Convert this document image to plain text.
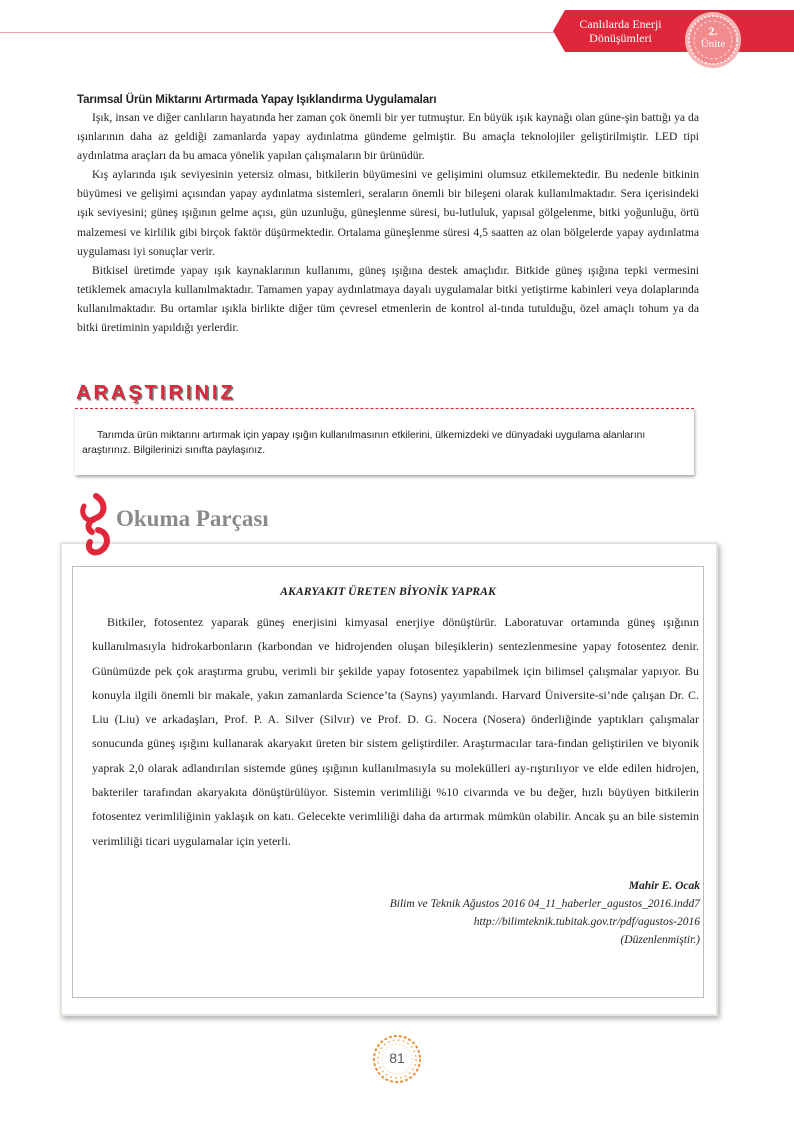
Canlılarda Enerji
Dönüşümleri	2.
Ünite
Tarımsal Ürün Miktarını Artırmada Yapay Işıklandırma Uygulamaları

Işık, insan ve diğer canlıların hayatında her zaman çok önemli bir yer tutmuştur. En büyük ışık kaynağı olan güne-şin battığı ya da ışınlarının daha az geldiği zamanlarda yapay aydınlatma gündeme gelmiştir. Bu amaçla teknolojiler geliştirilmiştir. LED tipi aydınlatma araçları da bu amaca yönelik yapılan çalışmaların bir ürünüdür.

Kış aylarında ışık seviyesinin yetersiz olması, bitkilerin büyümesini ve gelişimini olumsuz etkilemektedir. Bu nedenle bitkinin büyümesi ve gelişimi açısından yapay aydınlatma sistemleri, seraların önemli bir bileşeni olarak kullanılmaktadır. Sera içerisindeki ışık seviyesini; güneş ışığının gelme açısı, gün uzunluğu, güneşlenme süresi, bu-lutluluk, yapısal gölgelenme, bitki yoğunluğu, örtü malzemesi ve kirlilik gibi birçok faktör düşürmektedir. Ortalama güneşlenme süresi 4,5 saatten az olan bölgelerde yapay aydınlatma uygulaması iyi sonuçlar verir.

Bitkisel üretimde yapay ışık kaynaklarının kullanımı, güneş ışığına destek amaçlıdır. Bitkide güneş ışığına tepki vermesini tetiklemek amacıyla kullanılmaktadır. Tamamen yapay aydınlatmaya dayalı uygulamalar bitki yetiştirme kabinleri veya dolaplarında kullanılmaktadır. Bu ortamlar ışıkla birlikte diğer tüm çevresel etmenlerin de kontrol al-tında tutulduğu, özel amaçlı tohum ya da bitki üretiminin yapıldığı yerlerdir.

ARAŞTIRINIZ
Tarımda ürün miktarını artırmak için yapay ışığın kullanılmasının etkilerini, ülkemizdeki ve dünyadaki uygulama alanlarını araştırınız. Bilgilerinizi sınıfta paylaşınız.
Okuma Parçası
AKARYAKIT ÜRETEN BİYONİK YAPRAK

Bitkiler, fotosentez yaparak güneş enerjisini kimyasal enerjiye dönüştürür. Laboratuvar ortamında güneş ışığının kullanılmasıyla hidrokarbonların (karbondan ve hidrojenden oluşan bileşiklerin) sentezlenmesine yapay fotosentez denir. Günümüzde pek çok araştırma grubu, verimli bir şekilde yapay fotosentez yapabilmek için bilimsel çalışmalar yapıyor. Bu konuyla ilgili önemli bir makale, yakın zamanlarda Science’ta (Sayns) yayımlandı. Harvard Üniversite-si’nde çalışan Dr. C. Liu (Liu) ve arkadaşları, Prof. P. A. Silver (Silvır) ve Prof. D. G. Nocera (Nosera) önderliğinde yaptıkları çalışmalar sonucunda güneş ışığını kullanarak akaryakıt üreten bir sistem geliştirdiler. Araştırmacılar tara-fından geliştirilen ve biyonik yaprak 2,0 olarak adlandırılan sistemde güneş ışığının kullanılmasıyla su molekülleri ay-rıştırılıyor ve elde edilen hidrojen, bakteriler tarafından akaryakıta dönüştürülüyor. Sistemin verimliliği %10 civarında ve bu değer, hızlı büyüyen bitkilerin fotosentez verimliliğinin yaklaşık on katı. Gelecekte verimliliği daha da artırmak mümkün olabilir. Ancak şu an bile sistemin verimliliği ticari uygulamalar için yeterli.

Mahir E. Ocak
Bilim ve Teknik Ağustos 2016 04_11_haberler_agustos_2016.indd7
http://bilimteknik.tubitak.gov.tr/pdf/agustos-2016
(Düzenlenmiştir.)
81
